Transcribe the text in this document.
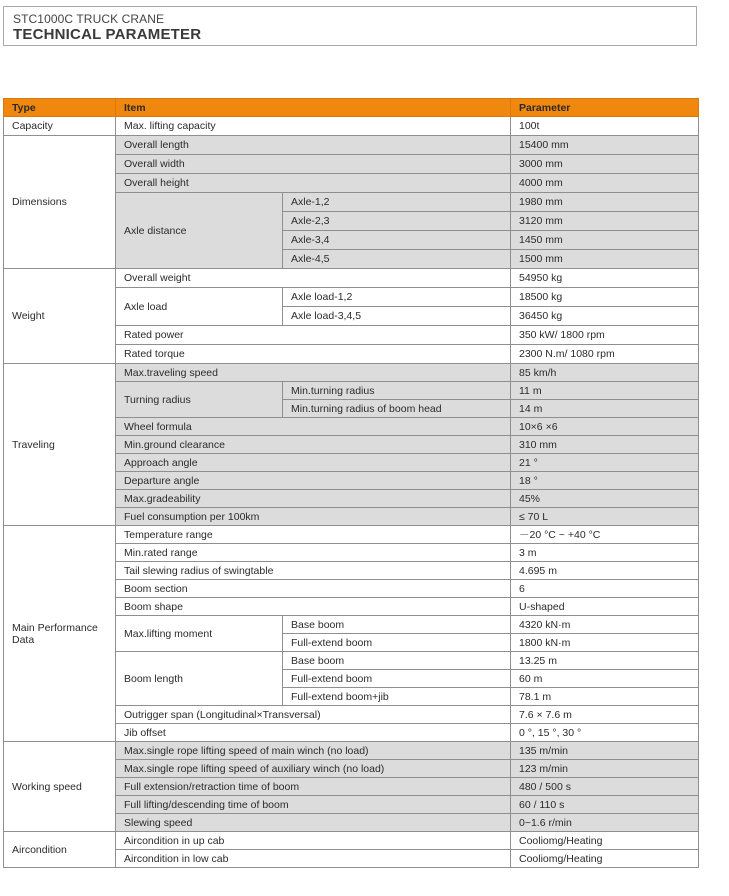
STC1000C TRUCK CRANE
TECHNICAL PARAMETER
Type	Item		Parameter
Capacity	Max. lifting capacity		100t
Dimensions	Overall length		15400 mm
	Overall width		3000 mm
	Overall height		4000 mm
	Axle distance	Axle-1,2	1980 mm
		Axle-2,3	3120 mm
		Axle-3,4	1450 mm
		Axle-4,5	1500 mm
Weight	Overall weight		54950 kg
	Axle load	Axle load-1,2	18500 kg
		Axle load-3,4,5	36450 kg
	Rated power		350 kW/ 1800 rpm
	Rated torque		2300 N.m/ 1080 rpm
Traveling	Max.traveling speed		85 km/h
	Turning radius	Min.turning radius	11 m
		Min.turning radius of boom head	14 m
	Wheel formula		10×6 ×6
	Min.ground clearance		310 mm
	Approach angle		21 °
	Departure angle		18 °
	Max.gradeability		45%
	Fuel consumption per 100km		≤ 70 L
Main Performance Data	Temperature range		－20 °C ~ +40 °C
	Min.rated range		3 m
	Tail slewing radius of swingtable		4.695 m
	Boom section		6
	Boom shape		U-shaped
	Max.lifting moment	Base boom	4320 kN·m
		Full-extend boom	1800 kN·m
	Boom length	Base boom	13.25 m
		Full-extend boom	60 m
		Full-extend boom+jib	78.1 m
	Outrigger span (Longitudinal×Transversal)		7.6 × 7.6 m
	Jib offset		0 °, 15 °, 30 °
Working speed	Max.single rope lifting speed of main winch (no load)		135 m/min
	Max.single rope lifting speed of auxiliary winch (no load)		123 m/min
	Full extension/retraction time of boom		480 / 500 s
	Full lifting/descending time of boom		60 / 110 s
	Slewing speed		0~1.6 r/min
Aircondition	Aircondition in up cab		Cooliomg/Heating
	Aircondition in low cab		Cooliomg/Heating
